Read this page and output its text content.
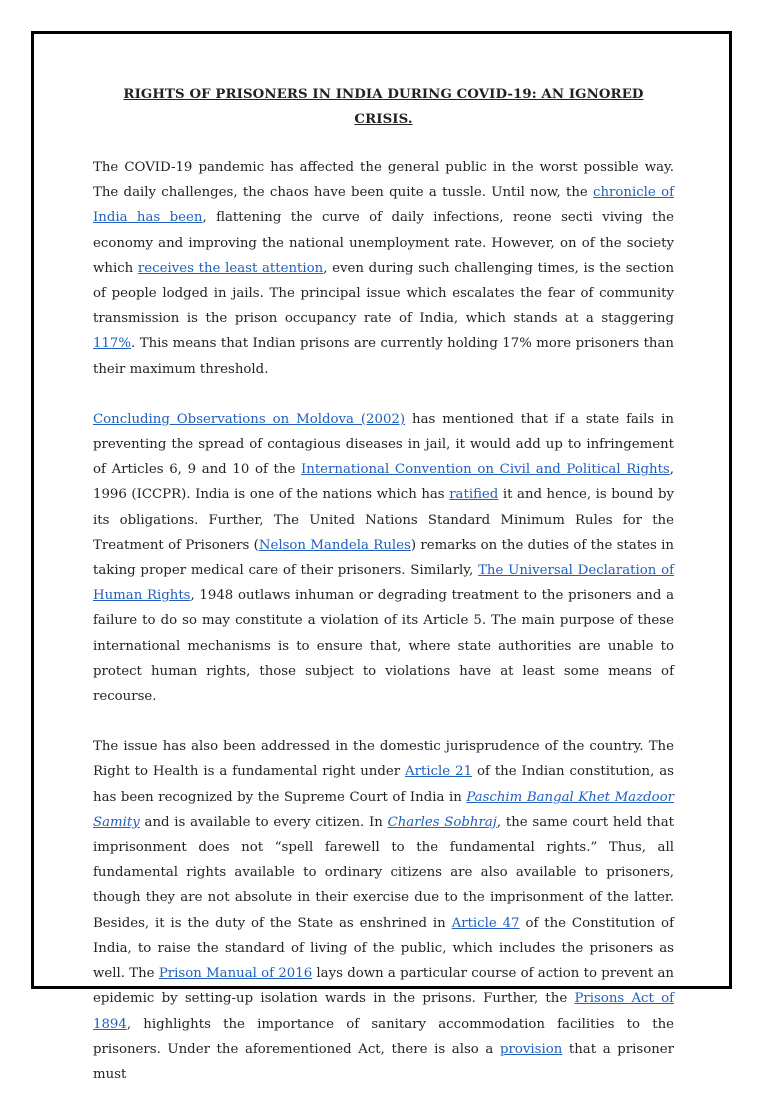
RIGHTS OF PRISONERS IN INDIA DURING COVID-19: AN IGNORED CRISIS.

The COVID-19 pandemic has affected the general public in the worst possible way. The daily challenges, the chaos have been quite a tussle. Until now, the chronicle of India has been, flattening the curve of daily infections, reone secti viving the economy and improving the national unemployment rate. However, on of the society which receives the least attention, even during such challenging times, is the section of people lodged in jails. The principal issue which escalates the fear of community transmission is the prison occupancy rate of India, which stands at a staggering 117%. This means that Indian prisons are currently holding 17% more prisoners than their maximum threshold.

Concluding Observations on Moldova (2002) has mentioned that if a state fails in preventing the spread of contagious diseases in jail, it would add up to infringement of Articles 6, 9 and 10 of the International Convention on Civil and Political Rights, 1996 (ICCPR). India is one of the nations which has ratified it and hence, is bound by its obligations. Further, The United Nations Standard Minimum Rules for the Treatment of Prisoners (Nelson Mandela Rules) remarks on the duties of the states in taking proper medical care of their prisoners. Similarly, The Universal Declaration of Human Rights, 1948 outlaws inhuman or degrading treatment to the prisoners and a failure to do so may constitute a violation of its Article 5. The main purpose of these international mechanisms is to ensure that, where state authorities are unable to protect human rights, those subject to violations have at least some means of recourse.

The issue has also been addressed in the domestic jurisprudence of the country. The Right to Health is a fundamental right under Article 21 of the Indian constitution, as has been recognized by the Supreme Court of India in Paschim Bangal Khet Mazdoor Samity and is available to every citizen. In Charles Sobhraj, the same court held that imprisonment does not “spell farewell to the fundamental rights.” Thus, all fundamental rights available to ordinary citizens are also available to prisoners, though they are not absolute in their exercise due to the imprisonment of the latter. Besides, it is the duty of the State as enshrined in Article 47 of the Constitution of India, to raise the standard of living of the public, which includes the prisoners as well. The Prison Manual of 2016 lays down a particular course of action to prevent an epidemic by setting-up isolation wards in the prisons. Further, the Prisons Act of 1894, highlights the importance of sanitary accommodation facilities to the prisoners. Under the aforementioned Act, there is also a provision that a prisoner must
